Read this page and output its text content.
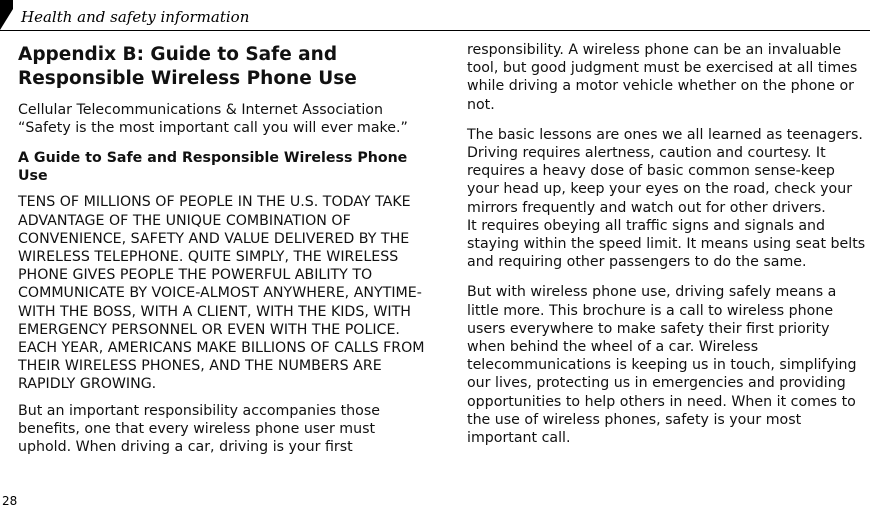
Health and safety information
Appendix B: Guide to Safe and Responsible Wireless Phone Use

Cellular Telecommunications & Internet Association
“Safety is the most important call you will ever make.”

A Guide to Safe and Responsible Wireless Phone Use

TENS OF MILLIONS OF PEOPLE IN THE U.S. TODAY TAKE ADVANTAGE OF THE UNIQUE COMBINATION OF CONVENIENCE, SAFETY AND VALUE DELIVERED BY THE WIRELESS TELEPHONE. QUITE SIMPLY, THE WIRELESS PHONE GIVES PEOPLE THE POWERFUL ABILITY TO COMMUNICATE BY VOICE-ALMOST ANYWHERE, ANYTIME-WITH THE BOSS, WITH A CLIENT, WITH THE KIDS, WITH EMERGENCY PERSONNEL OR EVEN WITH THE POLICE. EACH YEAR, AMERICANS MAKE BILLIONS OF CALLS FROM THEIR WIRELESS PHONES, AND THE NUMBERS ARE RAPIDLY GROWING.

But an important responsibility accompanies those benefits, one that every wireless phone user must uphold. When driving a car, driving is your first

responsibility. A wireless phone can be an invaluable tool, but good judgment must be exercised at all times while driving a motor vehicle whether on the phone or not.

The basic lessons are ones we all learned as teenagers. Driving requires alertness, caution and courtesy. It requires a heavy dose of basic common sense-keep your head up, keep your eyes on the road, check your mirrors frequently and watch out for other drivers.
It requires obeying all traffic signs and signals and staying within the speed limit. It means using seat belts and requiring other passengers to do the same.

But with wireless phone use, driving safely means a little more. This brochure is a call to wireless phone users everywhere to make safety their first priority when behind the wheel of a car. Wireless telecommunications is keeping us in touch, simplifying our lives, protecting us in emergencies and providing opportunities to help others in need. When it comes to the use of wireless phones, safety is your most important call.

28
